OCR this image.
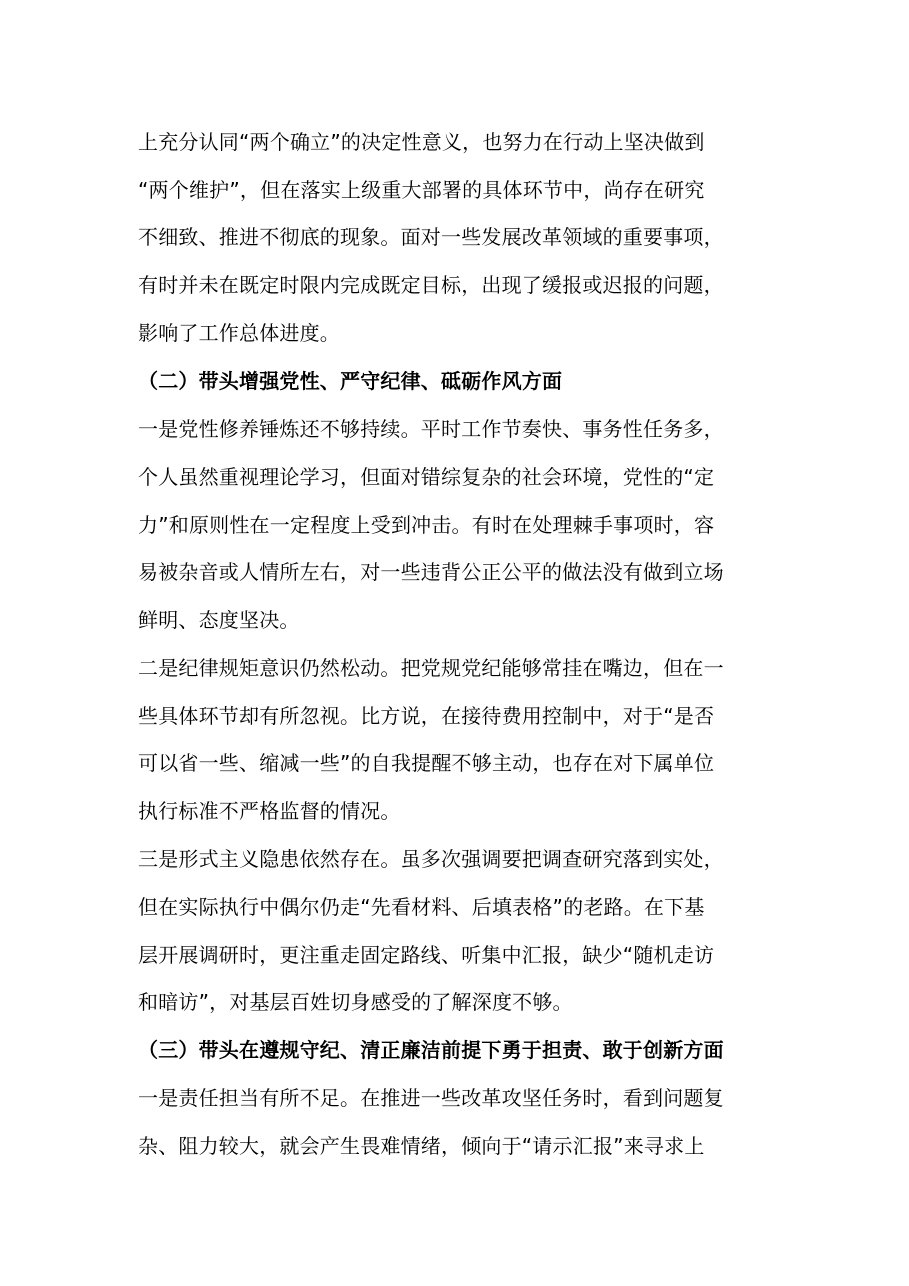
上充分认同“两个确立”的决定性意义，也努力在行动上坚决做到
“两个维护”，但在落实上级重大部署的具体环节中，尚存在研究
不细致、推进不彻底的现象。面对一些发展改革领域的重要事项，
有时并未在既定时限内完成既定目标，出现了缓报或迟报的问题，
影响了工作总体进度。
（二）带头增强党性、严守纪律、砥砺作风方面
一是党性修养锤炼还不够持续。平时工作节奏快、事务性任务多，
个人虽然重视理论学习，但面对错综复杂的社会环境，党性的“定
力”和原则性在一定程度上受到冲击。有时在处理棘手事项时，容
易被杂音或人情所左右，对一些违背公正公平的做法没有做到立场
鲜明、态度坚决。
二是纪律规矩意识仍然松动。把党规党纪能够常挂在嘴边，但在一
些具体环节却有所忽视。比方说，在接待费用控制中，对于“是否
可以省一些、缩减一些”的自我提醒不够主动，也存在对下属单位
执行标准不严格监督的情况。
三是形式主义隐患依然存在。虽多次强调要把调查研究落到实处，
但在实际执行中偶尔仍走“先看材料、后填表格”的老路。在下基
层开展调研时，更注重走固定路线、听集中汇报，缺少“随机走访
和暗访”，对基层百姓切身感受的了解深度不够。
（三）带头在遵规守纪、清正廉洁前提下勇于担责、敢于创新方面
一是责任担当有所不足。在推进一些改革攻坚任务时，看到问题复
杂、阻力较大，就会产生畏难情绪，倾向于“请示汇报”来寻求上
